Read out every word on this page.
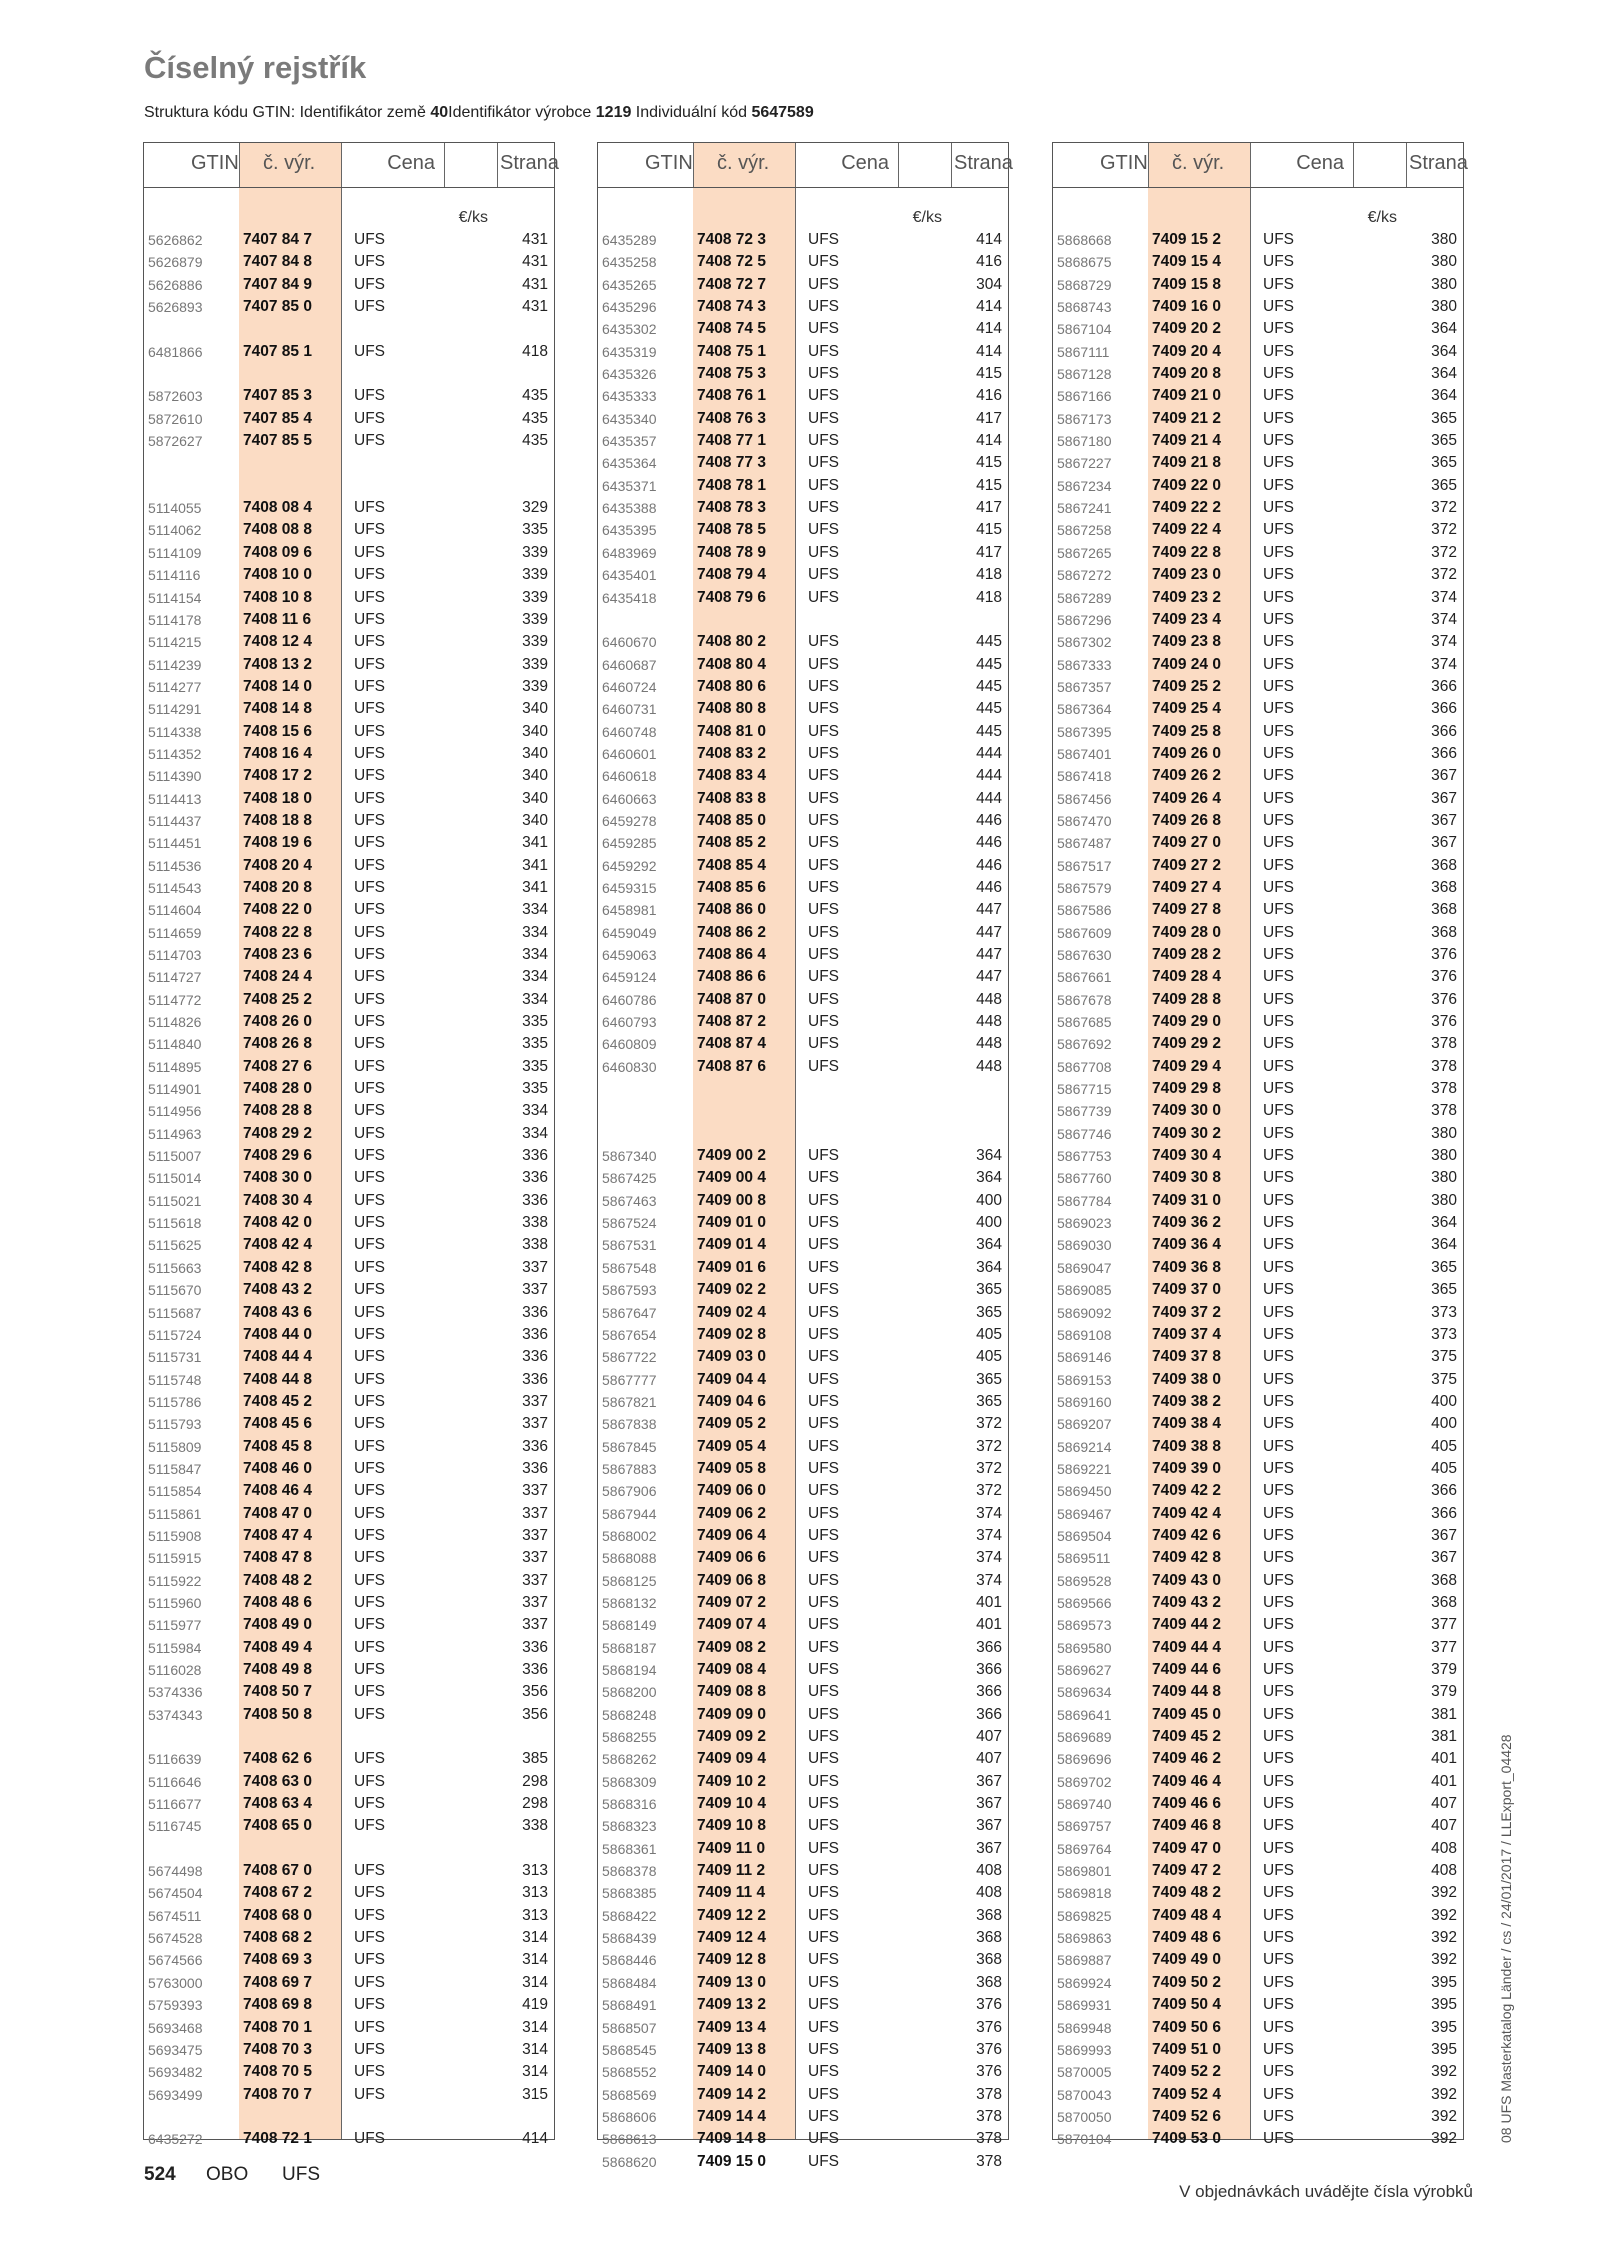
Číselný rejstřík
Struktura kódu GTIN: Identifikátor země 40Identifikátor výrobce 1219 Individuální kód 5647589
GTIN č. výr.	Cena	Strana
€/ks
5626862	7407 84 7	UFS	431
5626879	7407 84 8	UFS	431
5626886	7407 84 9	UFS	431
5626893	7407 85 0	UFS	431
6481866	7407 85 1	UFS	418
5872603	7407 85 3	UFS	435
5872610	7407 85 4	UFS	435
5872627	7407 85 5	UFS	435
5114055	7408 08 4	UFS	329
5114062	7408 08 8	UFS	335
5114109	7408 09 6	UFS	339
5114116	7408 10 0	UFS	339
5114154	7408 10 8	UFS	339
5114178	7408 11 6	UFS	339
5114215	7408 12 4	UFS	339
5114239	7408 13 2	UFS	339
5114277	7408 14 0	UFS	339
5114291	7408 14 8	UFS	340
5114338	7408 15 6	UFS	340
5114352	7408 16 4	UFS	340
5114390	7408 17 2	UFS	340
5114413	7408 18 0	UFS	340
5114437	7408 18 8	UFS	340
5114451	7408 19 6	UFS	341
5114536	7408 20 4	UFS	341
5114543	7408 20 8	UFS	341
5114604	7408 22 0	UFS	334
5114659	7408 22 8	UFS	334
5114703	7408 23 6	UFS	334
5114727	7408 24 4	UFS	334
5114772	7408 25 2	UFS	334
5114826	7408 26 0	UFS	335
5114840	7408 26 8	UFS	335
5114895	7408 27 6	UFS	335
5114901	7408 28 0	UFS	335
5114956	7408 28 8	UFS	334
5114963	7408 29 2	UFS	334
5115007	7408 29 6	UFS	336
5115014	7408 30 0	UFS	336
5115021	7408 30 4	UFS	336
5115618	7408 42 0	UFS	338
5115625	7408 42 4	UFS	338
5115663	7408 42 8	UFS	337
5115670	7408 43 2	UFS	337
5115687	7408 43 6	UFS	336
5115724	7408 44 0	UFS	336
5115731	7408 44 4	UFS	336
5115748	7408 44 8	UFS	336
5115786	7408 45 2	UFS	337
5115793	7408 45 6	UFS	337
5115809	7408 45 8	UFS	336
5115847	7408 46 0	UFS	336
5115854	7408 46 4	UFS	337
5115861	7408 47 0	UFS	337
5115908	7408 47 4	UFS	337
5115915	7408 47 8	UFS	337
5115922	7408 48 2	UFS	337
5115960	7408 48 6	UFS	337
5115977	7408 49 0	UFS	337
5115984	7408 49 4	UFS	336
5116028	7408 49 8	UFS	336
5374336	7408 50 7	UFS	356
5374343	7408 50 8	UFS	356
5116639	7408 62 6	UFS	385
5116646	7408 63 0	UFS	298
5116677	7408 63 4	UFS	298
5116745	7408 65 0	UFS	338
5674498	7408 67 0	UFS	313
5674504	7408 67 2	UFS	313
5674511	7408 68 0	UFS	313
5674528	7408 68 2	UFS	314
5674566	7408 69 3	UFS	314
5763000	7408 69 7	UFS	314
5759393	7408 69 8	UFS	419
5693468	7408 70 1	UFS	314
5693475	7408 70 3	UFS	314
5693482	7408 70 5	UFS	314
5693499	7408 70 7	UFS	315
6435272	7408 72 1	UFS	414
GTIN č. výr.	Cena	Strana
€/ks
6435289	7408 72 3	UFS	414
6435258	7408 72 5	UFS	416
6435265	7408 72 7	UFS	304
6435296	7408 74 3	UFS	414
6435302	7408 74 5	UFS	414
6435319	7408 75 1	UFS	414
6435326	7408 75 3	UFS	415
6435333	7408 76 1	UFS	416
6435340	7408 76 3	UFS	417
6435357	7408 77 1	UFS	414
6435364	7408 77 3	UFS	415
6435371	7408 78 1	UFS	415
6435388	7408 78 3	UFS	417
6435395	7408 78 5	UFS	415
6483969	7408 78 9	UFS	417
6435401	7408 79 4	UFS	418
6435418	7408 79 6	UFS	418
6460670	7408 80 2	UFS	445
6460687	7408 80 4	UFS	445
6460724	7408 80 6	UFS	445
6460731	7408 80 8	UFS	445
6460748	7408 81 0	UFS	445
6460601	7408 83 2	UFS	444
6460618	7408 83 4	UFS	444
6460663	7408 83 8	UFS	444
6459278	7408 85 0	UFS	446
6459285	7408 85 2	UFS	446
6459292	7408 85 4	UFS	446
6459315	7408 85 6	UFS	446
6458981	7408 86 0	UFS	447
6459049	7408 86 2	UFS	447
6459063	7408 86 4	UFS	447
6459124	7408 86 6	UFS	447
6460786	7408 87 0	UFS	448
6460793	7408 87 2	UFS	448
6460809	7408 87 4	UFS	448
6460830	7408 87 6	UFS	448
5867340	7409 00 2	UFS	364
5867425	7409 00 4	UFS	364
5867463	7409 00 8	UFS	400
5867524	7409 01 0	UFS	400
5867531	7409 01 4	UFS	364
5867548	7409 01 6	UFS	364
5867593	7409 02 2	UFS	365
5867647	7409 02 4	UFS	365
5867654	7409 02 8	UFS	405
5867722	7409 03 0	UFS	405
5867777	7409 04 4	UFS	365
5867821	7409 04 6	UFS	365
5867838	7409 05 2	UFS	372
5867845	7409 05 4	UFS	372
5867883	7409 05 8	UFS	372
5867906	7409 06 0	UFS	372
5867944	7409 06 2	UFS	374
5868002	7409 06 4	UFS	374
5868088	7409 06 6	UFS	374
5868125	7409 06 8	UFS	374
5868132	7409 07 2	UFS	401
5868149	7409 07 4	UFS	401
5868187	7409 08 2	UFS	366
5868194	7409 08 4	UFS	366
5868200	7409 08 8	UFS	366
5868248	7409 09 0	UFS	366
5868255	7409 09 2	UFS	407
5868262	7409 09 4	UFS	407
5868309	7409 10 2	UFS	367
5868316	7409 10 4	UFS	367
5868323	7409 10 8	UFS	367
5868361	7409 11 0	UFS	367
5868378	7409 11 2	UFS	408
5868385	7409 11 4	UFS	408
5868422	7409 12 2	UFS	368
5868439	7409 12 4	UFS	368
5868446	7409 12 8	UFS	368
5868484	7409 13 0	UFS	368
5868491	7409 13 2	UFS	376
5868507	7409 13 4	UFS	376
5868545	7409 13 8	UFS	376
5868552	7409 14 0	UFS	376
5868569	7409 14 2	UFS	378
5868606	7409 14 4	UFS	378
5868613	7409 14 8	UFS	378
5868620	7409 15 0	UFS	378
GTIN č. výr.	Cena	Strana
€/ks
5868668	7409 15 2	UFS	380
5868675	7409 15 4	UFS	380
5868729	7409 15 8	UFS	380
5868743	7409 16 0	UFS	380
5867104	7409 20 2	UFS	364
5867111	7409 20 4	UFS	364
5867128	7409 20 8	UFS	364
5867166	7409 21 0	UFS	364
5867173	7409 21 2	UFS	365
5867180	7409 21 4	UFS	365
5867227	7409 21 8	UFS	365
5867234	7409 22 0	UFS	365
5867241	7409 22 2	UFS	372
5867258	7409 22 4	UFS	372
5867265	7409 22 8	UFS	372
5867272	7409 23 0	UFS	372
5867289	7409 23 2	UFS	374
5867296	7409 23 4	UFS	374
5867302	7409 23 8	UFS	374
5867333	7409 24 0	UFS	374
5867357	7409 25 2	UFS	366
5867364	7409 25 4	UFS	366
5867395	7409 25 8	UFS	366
5867401	7409 26 0	UFS	366
5867418	7409 26 2	UFS	367
5867456	7409 26 4	UFS	367
5867470	7409 26 8	UFS	367
5867487	7409 27 0	UFS	367
5867517	7409 27 2	UFS	368
5867579	7409 27 4	UFS	368
5867586	7409 27 8	UFS	368
5867609	7409 28 0	UFS	368
5867630	7409 28 2	UFS	376
5867661	7409 28 4	UFS	376
5867678	7409 28 8	UFS	376
5867685	7409 29 0	UFS	376
5867692	7409 29 2	UFS	378
5867708	7409 29 4	UFS	378
5867715	7409 29 8	UFS	378
5867739	7409 30 0	UFS	378
5867746	7409 30 2	UFS	380
5867753	7409 30 4	UFS	380
5867760	7409 30 8	UFS	380
5867784	7409 31 0	UFS	380
5869023	7409 36 2	UFS	364
5869030	7409 36 4	UFS	364
5869047	7409 36 8	UFS	365
5869085	7409 37 0	UFS	365
5869092	7409 37 2	UFS	373
5869108	7409 37 4	UFS	373
5869146	7409 37 8	UFS	375
5869153	7409 38 0	UFS	375
5869160	7409 38 2	UFS	400
5869207	7409 38 4	UFS	400
5869214	7409 38 8	UFS	405
5869221	7409 39 0	UFS	405
5869450	7409 42 2	UFS	366
5869467	7409 42 4	UFS	366
5869504	7409 42 6	UFS	367
5869511	7409 42 8	UFS	367
5869528	7409 43 0	UFS	368
5869566	7409 43 2	UFS	368
5869573	7409 44 2	UFS	377
5869580	7409 44 4	UFS	377
5869627	7409 44 6	UFS	379
5869634	7409 44 8	UFS	379
5869641	7409 45 0	UFS	381
5869689	7409 45 2	UFS	381
5869696	7409 46 2	UFS	401
5869702	7409 46 4	UFS	401
5869740	7409 46 6	UFS	407
5869757	7409 46 8	UFS	407
5869764	7409 47 0	UFS	408
5869801	7409 47 2	UFS	408
5869818	7409 48 2	UFS	392
5869825	7409 48 4	UFS	392
5869863	7409 48 6	UFS	392
5869887	7409 49 0	UFS	392
5869924	7409 50 2	UFS	395
5869931	7409 50 4	UFS	395
5869948	7409 50 6	UFS	395
5869993	7409 51 0	UFS	395
5870005	7409 52 2	UFS	392
5870043	7409 52 4	UFS	392
5870050	7409 52 6	UFS	392
5870104	7409 53 0	UFS	392
524 OBO UFS
V objednávkách uvádějte čísla výrobků
08 UFS Masterkatalog Länder / cs / 24/01/2017 / LLExport_04428
